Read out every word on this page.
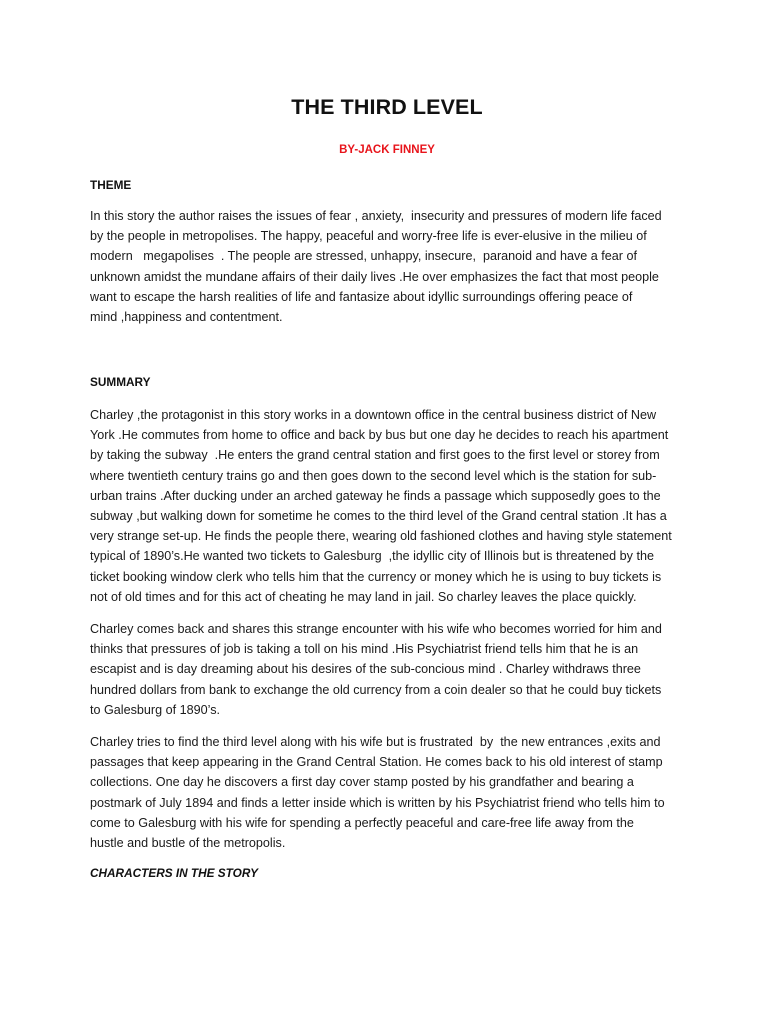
THE THIRD LEVEL
BY-JACK FINNEY
THEME
In this story the author raises the issues of fear , anxiety,  insecurity and pressures of modern life faced
by the people in metropolises. The happy, peaceful and worry-free life is ever-elusive in the milieu of
modern   megapolises  . The people are stressed, unhappy, insecure,  paranoid and have a fear of
unknown amidst the mundane affairs of their daily lives .He over emphasizes the fact that most people
want to escape the harsh realities of life and fantasize about idyllic surroundings offering peace of
mind ,happiness and contentment.
SUMMARY
Charley ,the protagonist in this story works in a downtown office in the central business district of New
York .He commutes from home to office and back by bus but one day he decides to reach his apartment
by taking the subway  .He enters the grand central station and first goes to the first level or storey from
where twentieth century trains go and then goes down to the second level which is the station for sub-
urban trains .After ducking under an arched gateway he finds a passage which supposedly goes to the
subway ,but walking down for sometime he comes to the third level of the Grand central station .It has a
very strange set-up. He finds the people there, wearing old fashioned clothes and having style statement
typical of 1890’s.He wanted two tickets to Galesburg  ,the idyllic city of Illinois but is threatened by the
ticket booking window clerk who tells him that the currency or money which he is using to buy tickets is
not of old times and for this act of cheating he may land in jail. So charley leaves the place quickly.
Charley comes back and shares this strange encounter with his wife who becomes worried for him and
thinks that pressures of job is taking a toll on his mind .His Psychiatrist friend tells him that he is an
escapist and is day dreaming about his desires of the sub-concious mind . Charley withdraws three
hundred dollars from bank to exchange the old currency from a coin dealer so that he could buy tickets
to Galesburg of 1890’s.
Charley tries to find the third level along with his wife but is frustrated  by  the new entrances ,exits and
passages that keep appearing in the Grand Central Station. He comes back to his old interest of stamp
collections. One day he discovers a first day cover stamp posted by his grandfather and bearing a
postmark of July 1894 and finds a letter inside which is written by his Psychiatrist friend who tells him to
come to Galesburg with his wife for spending a perfectly peaceful and care-free life away from the
hustle and bustle of the metropolis.
CHARACTERS IN THE STORY
